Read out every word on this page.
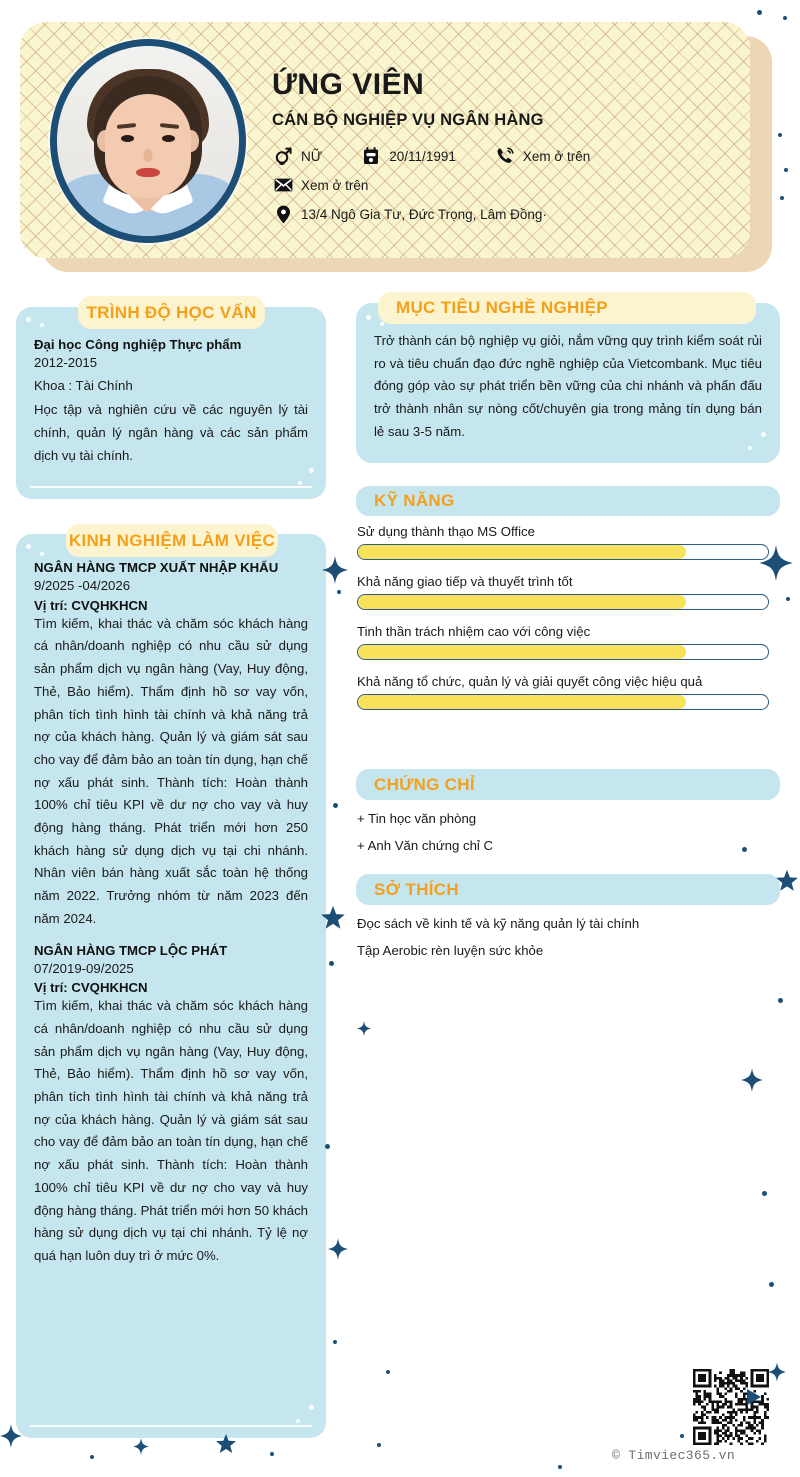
ỨNG VIÊN
CÁN BỘ NGHIỆP VỤ NGÂN HÀNG
NỮ	20/11/1991	Xem ở trên
Xem ở trên
13/4 Ngô Gia Tư, Đức Trọng, Lâm Đồng·
Đại học Công nghiệp Thực phẩm
2012-2015
Khoa : Tài Chính
Học tập và nghiên cứu về các nguyên lý tài chính, quản lý ngân hàng và các sản phẩm dịch vụ tài chính.
TRÌNH ĐỘ HỌC VẤN
NGÂN HÀNG TMCP XUẤT NHẬP KHẨU
9/2025 -04/2026
Vị trí: CVQHKHCN
Tìm kiếm, khai thác và chăm sóc khách hàng cá nhân/doanh nghiệp có nhu cầu sử dụng sản phẩm dịch vụ ngân hàng (Vay, Huy động, Thẻ, Bảo hiểm). Thẩm định hồ sơ vay vốn, phân tích tình hình tài chính và khả năng trả nợ của khách hàng. Quản lý và giám sát sau cho vay để đảm bảo an toàn tín dụng, hạn chế nợ xấu phát sinh. Thành tích: Hoàn thành 100% chỉ tiêu KPI về dư nợ cho vay và huy động hàng tháng. Phát triển mới hơn 250 khách hàng sử dụng dịch vụ tại chi nhánh. Nhân viên bán hàng xuất sắc toàn hệ thống năm 2022. Trưởng nhóm từ năm 2023 đến năm 2024.
NGÂN HÀNG TMCP LỘC PHÁT
07/2019-09/2025
Vị trí: CVQHKHCN
Tìm kiếm, khai thác và chăm sóc khách hàng cá nhân/doanh nghiệp có nhu cầu sử dụng sản phẩm dịch vụ ngân hàng (Vay, Huy động, Thẻ, Bảo hiểm). Thẩm định hồ sơ vay vốn, phân tích tình hình tài chính và khả năng trả nợ của khách hàng. Quản lý và giám sát sau cho vay để đảm bảo an toàn tín dụng, hạn chế nợ xấu phát sinh. Thành tích: Hoàn thành 100% chỉ tiêu KPI về dư nợ cho vay và huy động hàng tháng. Phát triển mới hơn 50 khách hàng sử dụng dịch vụ tại chi nhánh. Tỷ lệ nợ quá hạn luôn duy trì ở mức 0%.
KINH NGHIỆM LÀM VIỆC
Trở thành cán bộ nghiệp vụ giỏi, nắm vững quy trình kiểm soát rủi ro và tiêu chuẩn đạo đức nghề nghiệp của Vietcombank. Mục tiêu đóng góp vào sự phát triển bền vững của chi nhánh và phấn đấu trở thành nhân sự nòng cốt/chuyên gia trong mảng tín dụng bán lẻ sau 3-5 năm.
MỤC TIÊU NGHỀ NGHIỆP
KỸ NĂNG
Sử dụng thành thạo MS Office
Khả năng giao tiếp và thuyết trình tốt
Tinh thần trách nhiệm cao với công việc
Khả năng tổ chức, quản lý và giải quyết công việc hiệu quả
CHỨNG CHỈ
+ Tin học văn phòng
+ Anh Văn chứng chỉ C
SỞ THÍCH
Đọc sách về kinh tế và kỹ năng quản lý tài chính
Tập Aerobic rèn luyện sức khỏe
© Timviec365.vn
